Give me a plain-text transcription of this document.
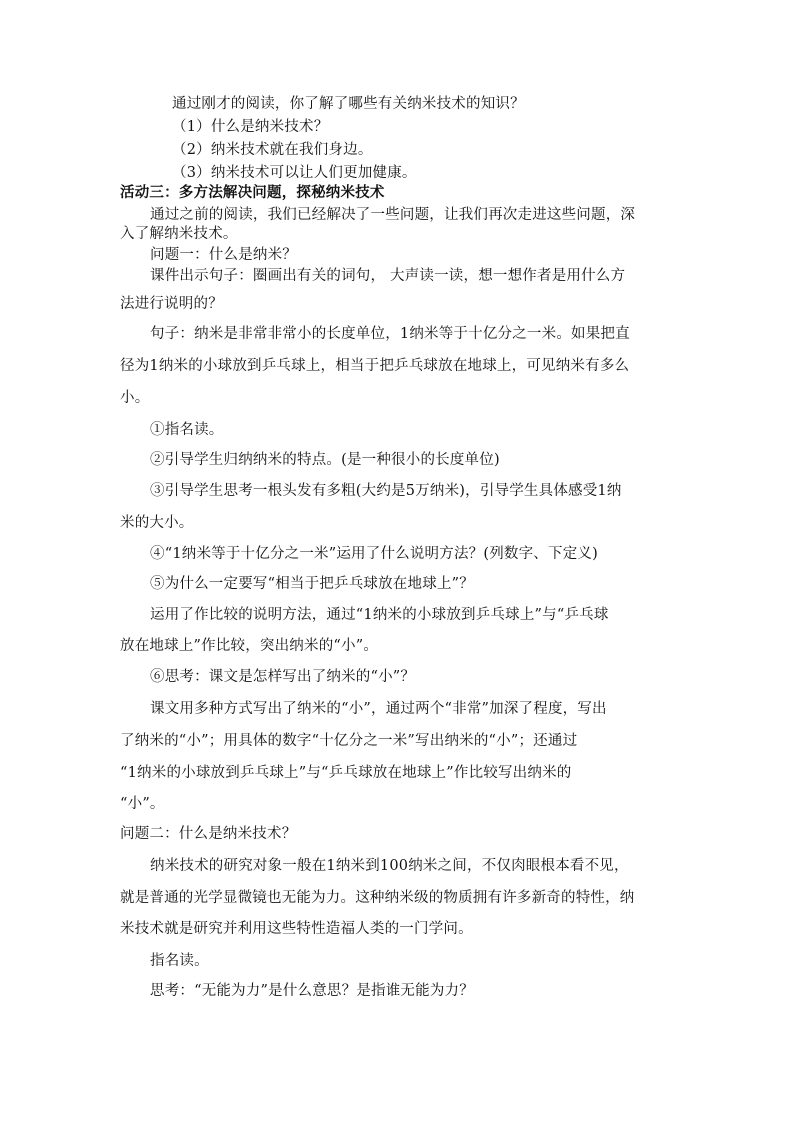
通过刚才的阅读，你了解了哪些有关纳米技术的知识？
（1）什么是纳米技术？
（2）纳米技术就在我们身边。
（3）纳米技术可以让人们更加健康。
活动三：多方法解决问题，探秘纳米技术
通过之前的阅读，我们已经解决了一些问题，让我们再次走进这些问题，深
入了解纳米技术。
问题一：什么是纳米？
课件出示句子：圈画出有关的词句， 大声读一读，想一想作者是用什么方
法进行说明的？
句子：纳米是非常非常小的长度单位，1纳米等于十亿分之一米。如果把直
径为1纳米的小球放到乒乓球上，相当于把乒乓球放在地球上，可见纳米有多么
小。
①指名读。
②引导学生归纳纳米的特点。(是一种很小的长度单位)
③引导学生思考一根头发有多粗(大约是5万纳米)，引导学生具体感受1纳
米的大小。
④“1纳米等于十亿分之一米”运用了什么说明方法？(列数字、下定义)
⑤为什么一定要写“相当于把乒乓球放在地球上”？
运用了作比较的说明方法，通过“1纳米的小球放到乒乓球上”与“乒乓球
放在地球上”作比较，突出纳米的“小”。
⑥思考：课文是怎样写出了纳米的“小”？
课文用多种方式写出了纳米的“小”，通过两个“非常”加深了程度，写出
了纳米的“小”；用具体的数字“十亿分之一米”写出纳米的“小”；还通过
“1纳米的小球放到乒乓球上”与“乒乓球放在地球上”作比较写出纳米的
“小”。
问题二：什么是纳米技术？
纳米技术的研究对象一般在1纳米到100纳米之间，不仅肉眼根本看不见，
就是普通的光学显微镜也无能为力。这种纳米级的物质拥有许多新奇的特性，纳
米技术就是研究并利用这些特性造福人类的一门学问。
指名读。
思考：“无能为力”是什么意思？是指谁无能为力？
